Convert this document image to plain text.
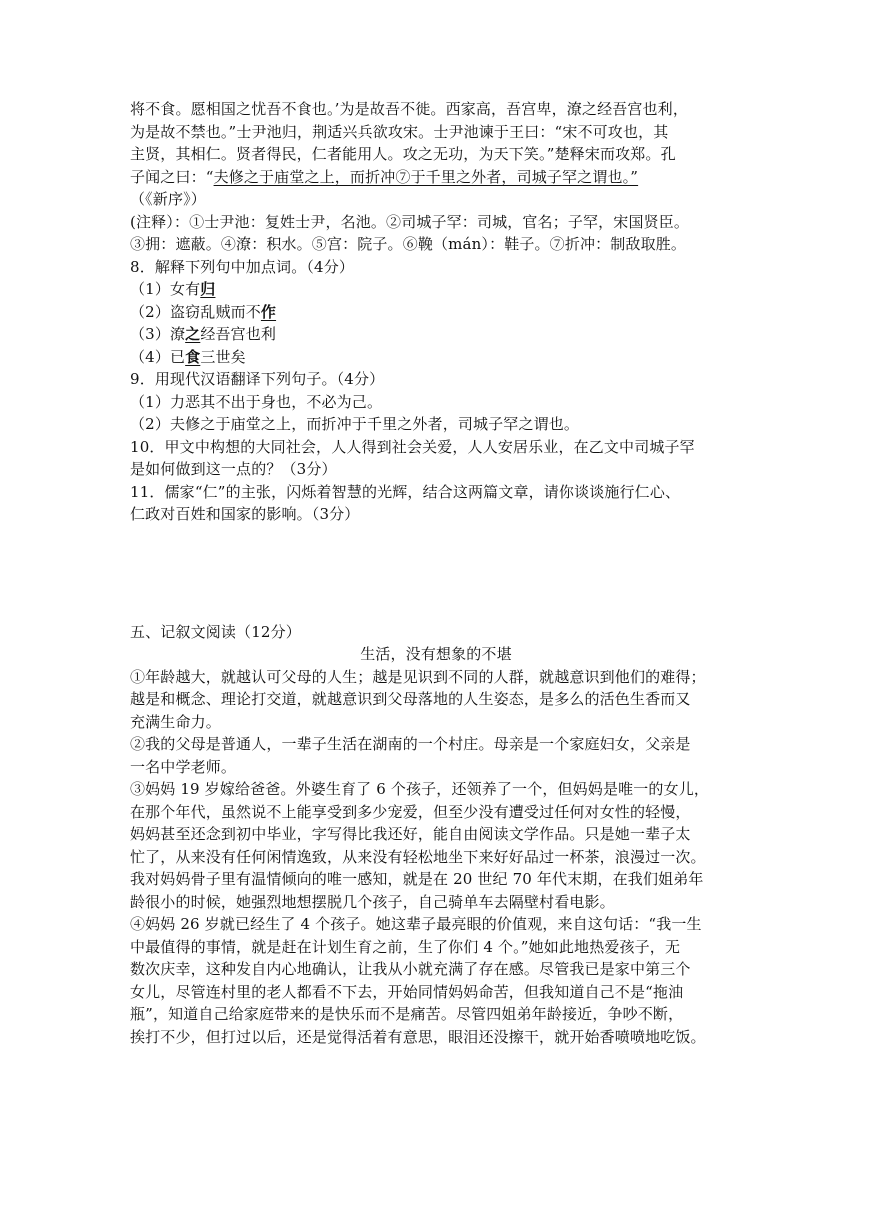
将不食。愿相国之忧吾不食也。’为是故吾不徙。西家高，吾宫卑，潦之经吾宫也利，
为是故不禁也。”士尹池归，荆适兴兵欲攻宋。士尹池谏于王曰：“宋不可攻也，其
主贤，其相仁。贤者得民，仁者能用人。攻之无功，为天下笑。”楚释宋而攻郑。孔
子闻之曰：“夫修之于庙堂之上，而折冲⑦于千里之外者，司城子罕之谓也。”
（《新序》）
(注释）：①士尹池：复姓士尹，名池。②司城子罕：司城，官名；子罕，宋国贤臣。
③拥：遮蔽。④潦：积水。⑤宫：院子。⑥鞔（mán）：鞋子。⑦折冲：制敌取胜。
8．解释下列句中加点词。（4分）
（1）女有归
（2）盗窃乱贼而不作
（3）潦之经吾宫也利
（4）已食三世矣
9．用现代汉语翻译下列句子。（4分）
（1）力恶其不出于身也，不必为己。
（2）夫修之于庙堂之上，而折冲于千里之外者，司城子罕之谓也。
10．甲文中构想的大同社会，人人得到社会关爱，人人安居乐业，在乙文中司城子罕
是如何做到这一点的？（3分）
11．儒家“仁”的主张，闪烁着智慧的光辉，结合这两篇文章，请你谈谈施行仁心、
仁政对百姓和国家的影响。（3分）
五、记叙文阅读（12分）
生活，没有想象的不堪
①年龄越大，就越认可父母的人生；越是见识到不同的人群，就越意识到他们的难得；
越是和概念、理论打交道，就越意识到父母落地的人生姿态，是多么的活色生香而又
充满生命力。
②我的父母是普通人，一辈子生活在湖南的一个村庄。母亲是一个家庭妇女，父亲是
一名中学老师。
③妈妈 19 岁嫁给爸爸。外婆生育了 6 个孩子，还领养了一个，但妈妈是唯一的女儿，
在那个年代，虽然说不上能享受到多少宠爱，但至少没有遭受过任何对女性的轻慢，
妈妈甚至还念到初中毕业，字写得比我还好，能自由阅读文学作品。只是她一辈子太
忙了，从来没有任何闲情逸致，从来没有轻松地坐下来好好品过一杯茶，浪漫过一次。
我对妈妈骨子里有温情倾向的唯一感知，就是在 20 世纪 70 年代末期，在我们姐弟年
龄很小的时候，她强烈地想摆脱几个孩子，自己骑单车去隔壁村看电影。
④妈妈 26 岁就已经生了 4 个孩子。她这辈子最亮眼的价值观，来自这句话：“我一生
中最值得的事情，就是赶在计划生育之前，生了你们 4 个。”她如此地热爱孩子，无
数次庆幸，这种发自内心地确认，让我从小就充满了存在感。尽管我已是家中第三个
女儿，尽管连村里的老人都看不下去，开始同情妈妈命苦，但我知道自己不是“拖油
瓶”，知道自己给家庭带来的是快乐而不是痛苦。尽管四姐弟年龄接近，争吵不断，
挨打不少，但打过以后，还是觉得活着有意思，眼泪还没擦干，就开始香喷喷地吃饭。
